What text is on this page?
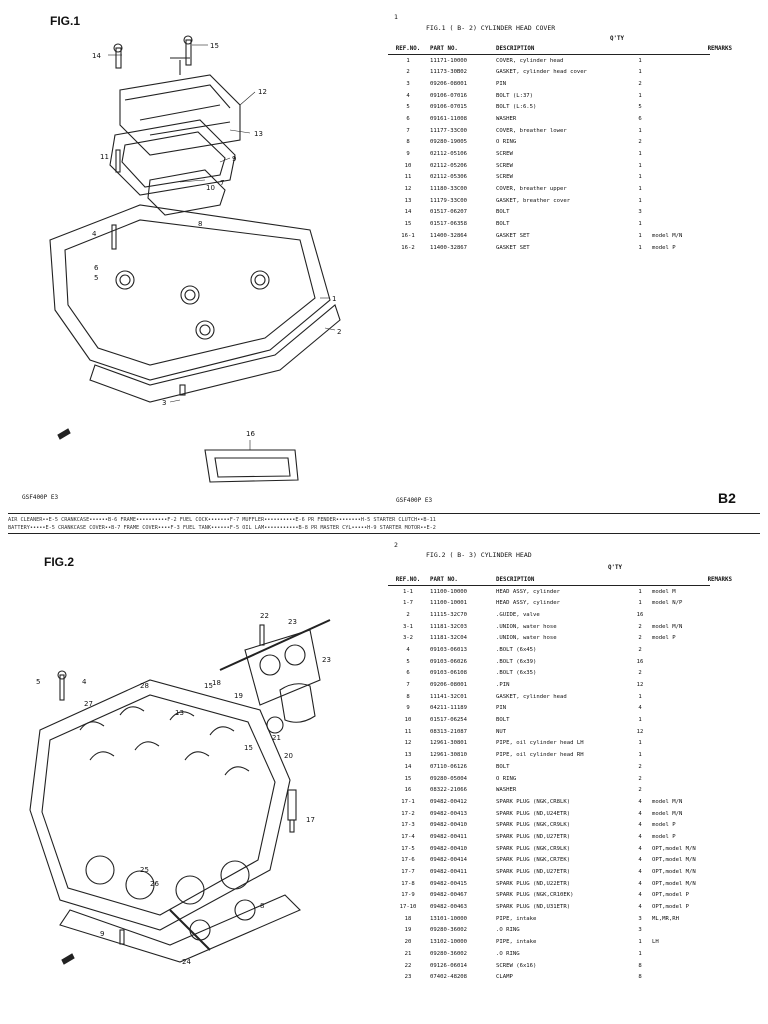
FIG.1
14
15
12
13
11
10
9
7
8
4
6
5
1
2
3
16
1
FIG.1 ( B- 2) CYLINDER HEAD COVER
Q'TY
REF.NO.	PART NO.	DESCRIPTION		REMARKS
1	11171-10000	COVER, cylinder head	1	
2	11173-30B02	GASKET, cylinder head cover	1	
3	09206-08001	PIN	2	
4	09106-07016	BOLT (L:37)	1	
5	09106-07015	BOLT (L:6.5)	5	
6	09161-11008	WASHER	6	
7	11177-33C00	COVER, breather lower	1	
8	09280-19005	O RING	2	
9	02112-05106	SCREW	1	
10	02112-05206	SCREW	1	
11	02112-05306	SCREW	1	
12	11180-33C00	COVER, breather upper	1	
13	11179-33C00	GASKET, breather cover	1	
14	01517-06207	BOLT	3	
15	01517-06358	BOLT	1	
16-1	11400-32864	GASKET SET	1	model M/N
16-2	11400-32867	GASKET SET	1	model P
GSF400P E3	GSF400P E3	B2
AIR CLEANER••E-5 CRANKCASE••••••B-6 FRAME••••••••••F-2 FUEL COCK•••••••F-7 MUFFLER••••••••••E-6 PR FENDER••••••••H-5 STARTER CLUTCH••B-11
BATTERY•••••E-5 CRANKCASE COVER••B-7 FRAME COVER••••F-3 FUEL TANK••••••F-5 OIL LAM•••••••••••B-8 PR MASTER CYL•••••H-9 STARTER MOTOR••E-2
FIG.2
5	4	28
27
13
15
15
22
23
23
18
19
21
20
17
25
26
8
9
24
2
FIG.2 ( B- 3) CYLINDER HEAD
Q'TY
REF.NO.	PART NO.	DESCRIPTION		REMARKS
1-1	11100-10000	HEAD ASSY, cylinder	1	model M
1-7	11100-10001	HEAD ASSY, cylinder	1	model N/P
2	11115-32C70	.GUIDE, valve	16	
3-1	11181-32C03	.UNION, water hose	2	model M/N
3-2	11181-32C04	.UNION, water hose	2	model P
4	09103-06013	.BOLT (6x45)	2	
5	09103-06026	.BOLT (6x39)	16	
6	09103-06108	.BOLT (6x35)	2	
7	09206-08001	.PIN	12	
8	11141-32C01	GASKET, cylinder head	1	
9	04211-11189	PIN	4	
10	01517-06254	BOLT	1	
11	08313-21087	NUT	12	
12	12961-30801	PIPE, oil cylinder head LH	1	
13	12961-30810	PIPE, oil cylinder head RH	1	
14	07110-06126	BOLT	2	
15	09280-05004	O RING	2	
16	08322-21066	WASHER	2	
17-1	09482-00412	SPARK PLUG (NGK,CR8LK)	4	model M/N
17-2	09482-00413	SPARK PLUG (ND,U24ETR)	4	model M/N
17-3	09482-00410	SPARK PLUG (NGK,CR9LK)	4	model P
17-4	09482-00411	SPARK PLUG (ND,U27ETR)	4	model P
17-5	09482-00410	SPARK PLUG (NGK,CR9LK)	4	OPT,model M/N
17-6	09482-00414	SPARK PLUG (NGK,CR7EK)	4	OPT,model M/N
17-7	09482-00411	SPARK PLUG (ND,U27ETR)	4	OPT,model M/N
17-8	09482-00415	SPARK PLUG (ND,U22ETR)	4	OPT,model M/N
17-9	09482-00467	SPARK PLUG (NGK,CR10EK)	4	OPT,model P
17-10	09482-00463	SPARK PLUG (ND,U31ETR)	4	OPT,model P
18	13101-10000	PIPE, intake	3	ML,MR,RH
19	09280-36002	.O RING	3	
20	13102-10000	PIPE, intake	1	LH
21	09280-36002	.O RING	1	
22	09126-06014	SCREW (6x16)	8	
23	07402-48208	CLAMP	8	
